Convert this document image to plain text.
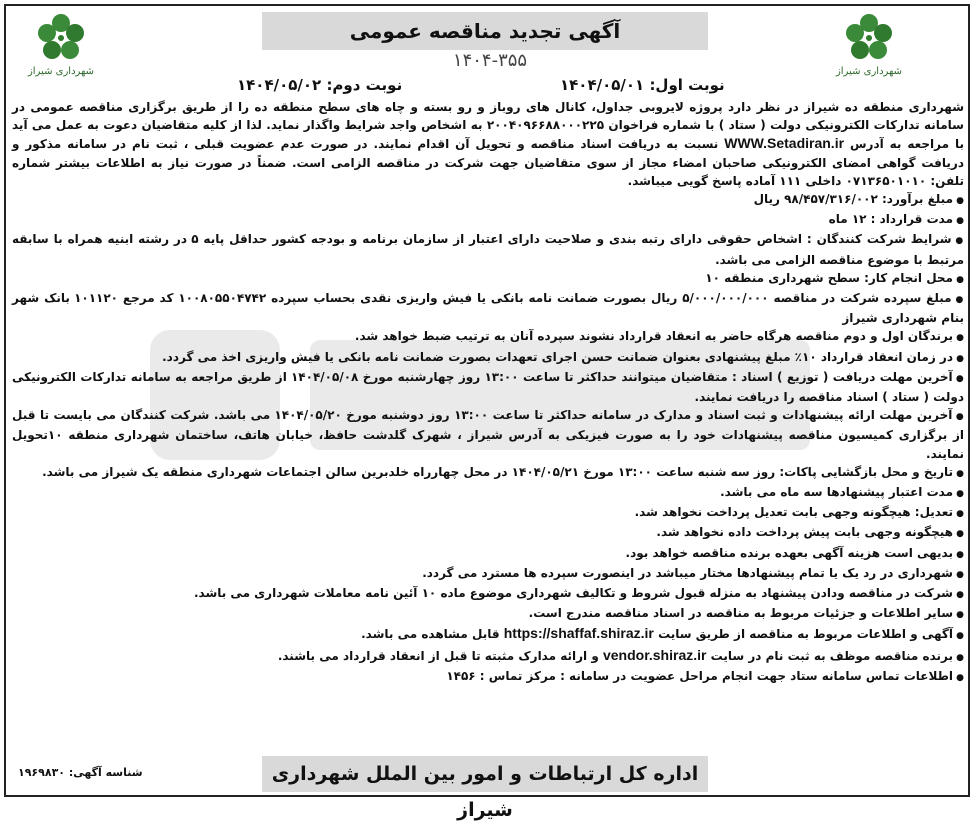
شهرداری شیراز	شهرداری شیراز
آگهی تجدید مناقصه عمومی
۱۴۰۴-۳۵۵
نوبت اول: ۱۴۰۴/۰۵/۰۱
نوبت دوم: ۱۴۰۴/۰۵/۰۲

شهرداری منطقه ده شیراز در نظر دارد پروژه لایروبی جداول، کانال های روباز و رو بسته و چاه های سطح منطقه ده را از طریق برگزاری مناقصه عمومی در سامانه تدارکات الکترونیکی دولت ( ستاد ) با شماره فراخوان ۲۰۰۴۰۹۶۶۸۸۰۰۰۲۲۵ به اشخاص واجد شرایط واگذار نماید. لذا از کلیه متقاضیان دعوت به عمل می آید با مراجعه به آدرس WWW.Setadiran.ir نسبت به دریافت اسناد مناقصه و تحویل آن اقدام نمایند. در صورت عدم عضویت قبلی ، ثبت نام در سامانه مذکور و دریافت گواهی امضای الکترونیکی صاحبان امضاء مجاز از سوی متقاضیان جهت شرکت در مناقصه الزامی است. ضمناً در صورت نیاز به اطلاعات بیشتر شماره تلفن: ۰۷۱۳۶۵۰۱۰۱۰ داخلی ۱۱۱ آماده پاسخ گویی میباشد.

● مبلغ برآورد: ۹۸/۴۵۷/۳۱۶/۰۰۲ ریال

● مدت قرارداد : ۱۲ ماه

● شرایط شرکت کنندگان : اشخاص حقوقی دارای رتبه بندی و صلاحیت دارای اعتبار از سازمان برنامه و بودجه کشور حداقل پایه ۵ در رشته ابنیه همراه با سابقه مرتبط با موضوع مناقصه الزامی می باشد.

● محل انجام کار: سطح شهرداری منطقه ۱۰

● مبلغ سپرده شرکت در مناقصه ۵/۰۰۰/۰۰۰/۰۰۰ ریال بصورت ضمانت نامه بانکی یا فیش واریزی نقدی بحساب سپرده ۱۰۰۸۰۵۵۰۴۷۴۲ کد مرجع ۱۰۱۱۲۰ بانک شهر بنام شهرداری شیراز

● برندگان اول و دوم مناقصه هرگاه حاضر به انعقاد قرارداد نشوند سپرده آنان به ترتیب ضبط خواهد شد.

● در زمان انعقاد قرارداد ۱۰٪ مبلغ پیشنهادی بعنوان ضمانت حسن اجرای تعهدات بصورت ضمانت نامه بانکی یا فیش واریزی اخذ می گردد.

● آخرین مهلت دریافت ( توزیع ) اسناد : متقاضیان میتوانند حداکثر تا ساعت ۱۳:۰۰ روز چهارشنبه مورخ ۱۴۰۴/۰۵/۰۸ از طریق مراجعه به سامانه تدارکات الکترونیکی دولت ( ستاد ) اسناد مناقصه را دریافت نمایند.

● آخرین مهلت ارائه پیشنهادات و ثبت اسناد و مدارک در سامانه حداکثر تا ساعت ۱۳:۰۰ روز دوشنبه مورخ ۱۴۰۴/۰۵/۲۰ می باشد. شرکت کنندگان می بایست تا قبل از برگزاری کمیسیون مناقصه پیشنهادات خود را به صورت فیزیکی به آدرس شیراز ، شهرک گلدشت حافظ، خیابان هاتف، ساختمان شهرداری منطقه ۱۰تحویل نمایند.

● تاریخ و محل بازگشایی پاکات: روز سه شنبه ساعت ۱۳:۰۰ مورخ ۱۴۰۴/۰۵/۲۱ در محل چهارراه خلدبرین سالن اجتماعات شهرداری منطقه یک شیراز می باشد.

● مدت اعتبار پیشنهادها سه ماه می باشد.

● تعدیل: هیچگونه وجهی بابت تعدیل پرداخت نخواهد شد.

● هیچگونه وجهی بابت پیش پرداخت داده نخواهد شد.

● بدیهی است هزینه آگهی بعهده برنده مناقصه خواهد بود.

● شهرداری در رد یک یا تمام پیشنهادها مختار میباشد در اینصورت سپرده ها مسترد می گردد.

● شرکت در مناقصه ودادن پیشنهاد به منزله قبول شروط و تکالیف شهرداری موضوع ماده ۱۰ آئین نامه معاملات شهرداری می باشد.

● سایر اطلاعات و جزئیات مربوط به مناقصه در اسناد مناقصه مندرج است.

● آگهی و اطلاعات مربوط به مناقصه از طریق سایت https://shaffaf.shiraz.ir قابل مشاهده می باشد.

● برنده مناقصه موظف به ثبت نام در سایت vendor.shiraz.ir و ارائه مدارک مثبته تا قبل از انعقاد قرارداد می باشند.

● اطلاعات تماس سامانه ستاد جهت انجام مراحل عضویت در سامانه : مرکز تماس : ۱۴۵۶

اداره کل ارتباطات و امور بین الملل شهرداری شیراز
شناسه آگهی: ۱۹۶۹۸۳۰
